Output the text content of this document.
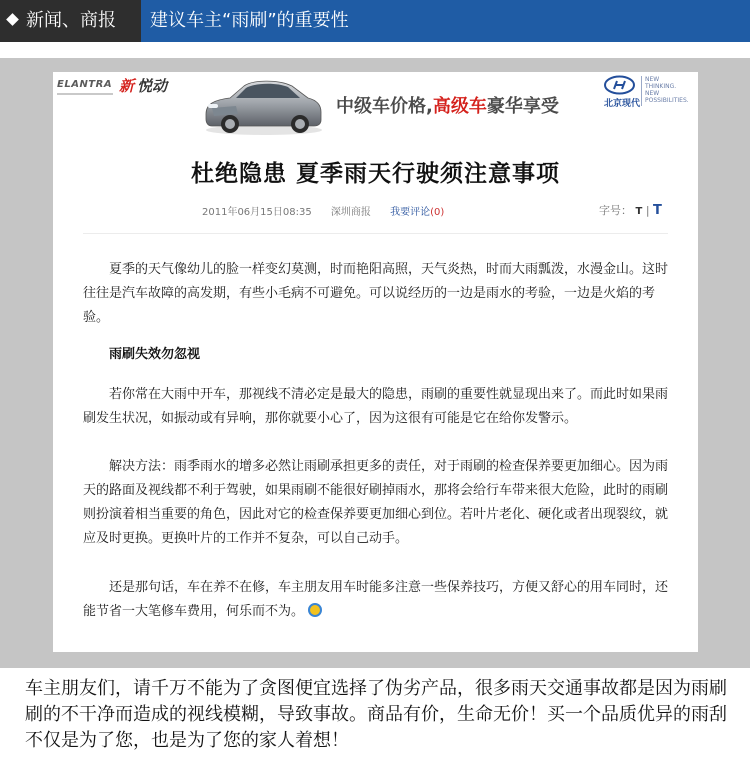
新闻、商报	建议车主“雨刷”的重要性
ELANTRA 新 悦动
中级车价格,高级车豪华享受	北京现代
NEW
THINKING.
NEW
POSSIBILITIES.
杜绝隐患 夏季雨天行驶须注意事项
2011年06月15日08:35 深圳商报 我要评论(0)	字号： T | T

夏季的天气像幼儿的脸一样变幻莫测，时而艳阳高照，天气炎热，时而大雨瓢泼，水漫金山。这时往往是汽车故障的高发期，有些小毛病不可避免。可以说经历的一边是雨水的考验，一边是火焰的考验。

雨刷失效勿忽视

若你常在大雨中开车，那视线不清必定是最大的隐患，雨刷的重要性就显现出来了。而此时如果雨刷发生状况，如振动或有异响，那你就要小心了，因为这很有可能是它在给你发警示。

解决方法：雨季雨水的增多必然让雨刷承担更多的责任，对于雨刷的检查保养要更加细心。因为雨天的路面及视线都不利于驾驶，如果雨刷不能很好刷掉雨水，那将会给行车带来很大危险，此时的雨刷则扮演着相当重要的角色，因此对它的检查保养要更加细心到位。若叶片老化、硬化或者出现裂纹，就应及时更换。更换叶片的工作并不复杂，可以自己动手。

还是那句话，车在养不在修，车主朋友用车时能多注意一些保养技巧，方便又舒心的用车同时，还能节省一大笔修车费用，何乐而不为。

车主朋友们，请千万不能为了贪图便宜选择了伪劣产品，很多雨天交通事故都是因为雨刷刷的不干净而造成的视线模糊，导致事故。商品有价，生命无价！买一个品质优异的雨刮不仅是为了您，也是为了您的家人着想！
